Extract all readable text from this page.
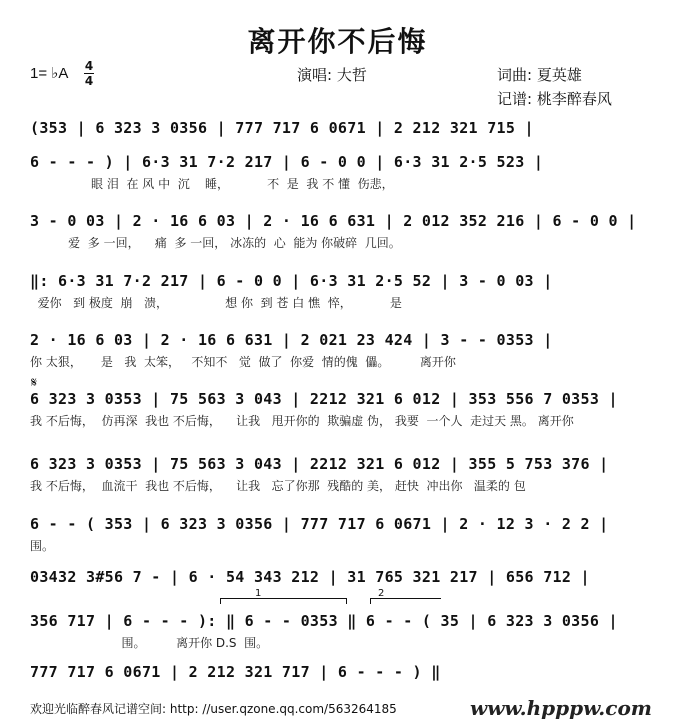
离开你不后悔
1= ♭A 4
4	演唱: 大哲	词曲: 夏英雄
记谱: 桃李醉春风
(353 | 6 323 3 0356 | 777 717 6 0671 | 2 212 321 715 |
6 - - - ) | 6·3 31 7·2 217 | 6 - 0 0 | 6·3 31 2·5 523 |
眼 泪  在 风 中  沉    睡，          不  是  我 不 懂  伤悲，
3 - 0 03 | 2 · 16 6 03 | 2 · 16 6 631 | 2 012 352 216 | 6 - 0 0 |
爱  多 一回，    痛  多 一回， 冰冻的  心  能为 你破碎  几回。
‖: 6·3 31 7·2 217 | 6 - 0 0 | 6·3 31 2·5 52 | 3 - 0 03 |
爱你   到 极度  崩   溃，               想 你  到 苍 白 憔  悴，          是
2 · 16 6 03 | 2 · 16 6 631 | 2 021 23 424 | 3 - - 0353 |
你 太狠，     是   我  太笨，   不知不   觉  做了  你爱  情的傀  儡。        离开你
𝄋
6 323 3 0353 | 75 563 3 043 | 2212 321 6 012 | 353 556 7 0353 |
我 不后悔，  仿再深  我也 不后悔，    让我   甩开你的  欺骗虚 伪， 我要  一个人  走过天 黑。 离开你
6 323 3 0353 | 75 563 3 043 | 2212 321 6 012 | 355 5 753 376 |
我 不后悔，  血流干  我也 不后悔，    让我   忘了你那  残酷的 美， 赶快  冲出你   温柔的 包
6 - - ( 353 | 6 323 3 0356 | 777 717 6 0671 | 2 · 12 3 · 2 2 |
围。
03432 3#56 7 - | 6 · 54 343 212 | 31 765 321 217 | 656 712 |
1	2
356 717 | 6 - - - ): ‖ 6 - - 0353 ‖ 6 - - ( 35 | 6 323 3 0356 |
围。        离开你 D.S  围。
777 717 6 0671 | 2 212 321 717 | 6 - - - ) ‖
欢迎光临醉春风记谱空间: http: //user.qzone.qq.com/563264185	www.hpppw.com
